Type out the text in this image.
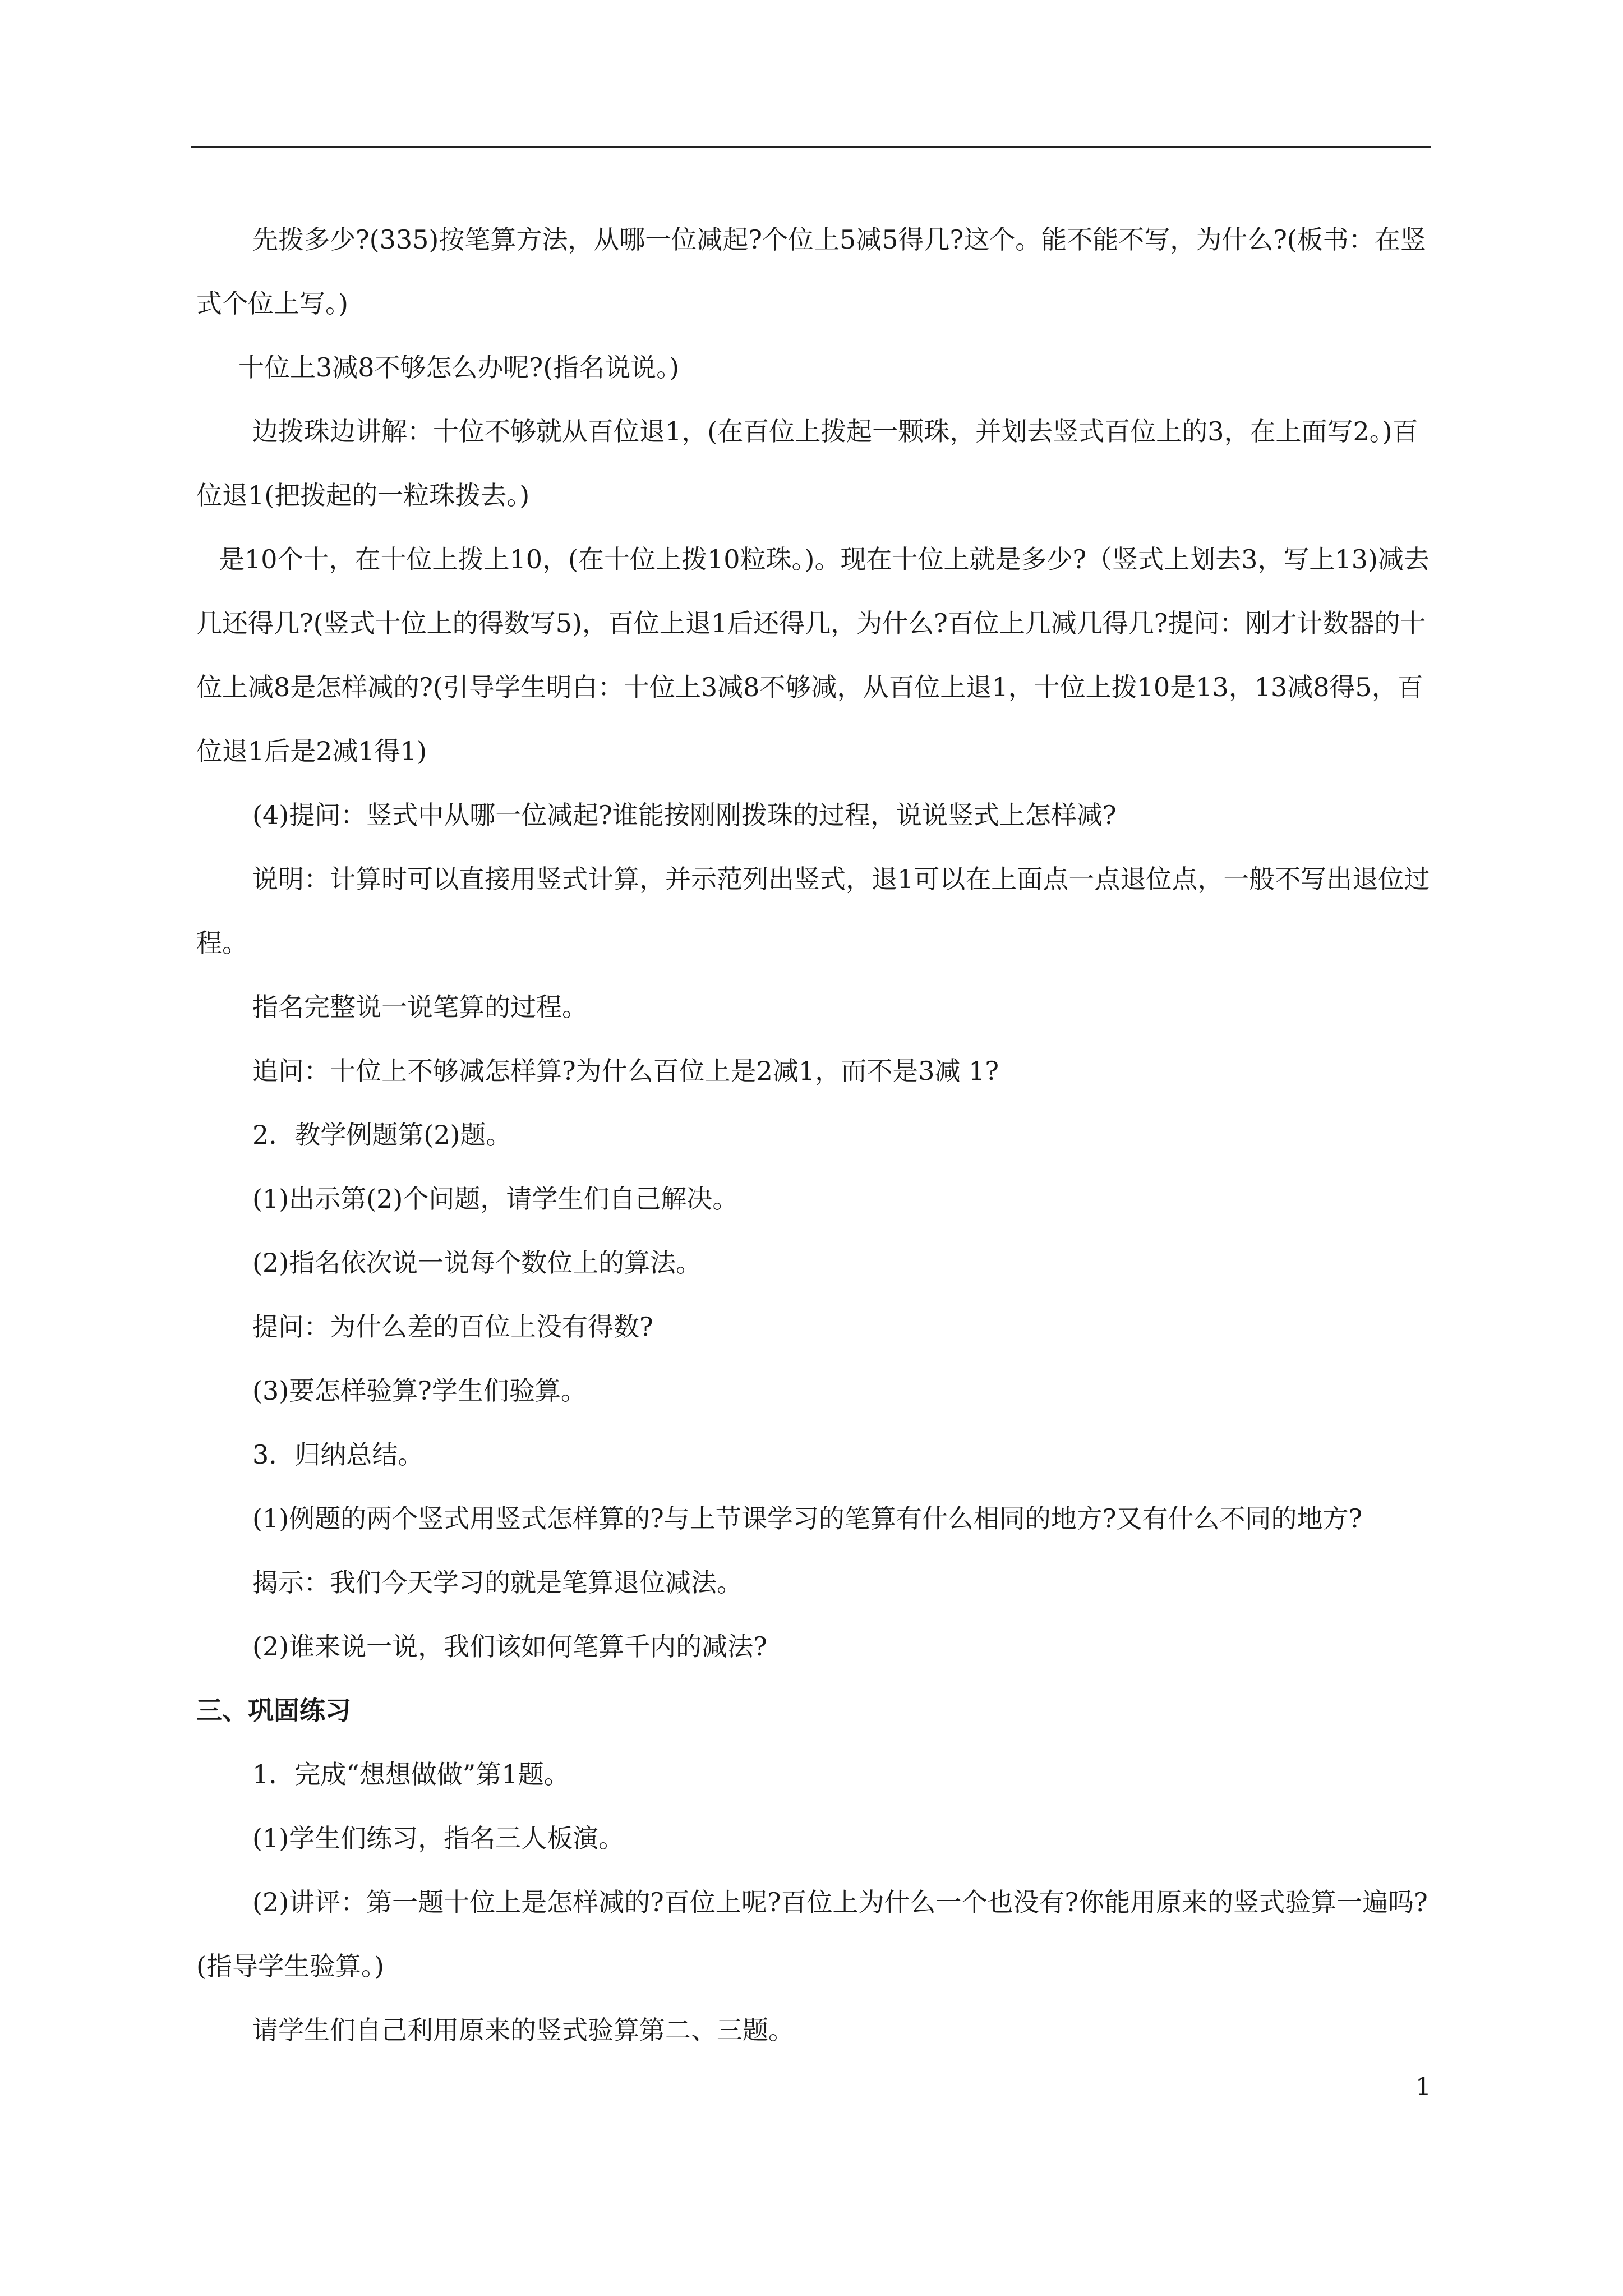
先拨多少?(335)按笔算方法，从哪一位减起?个位上5减5得几?这个。能不能不写，为什么?(板书：在竖式个位上写。)

十位上3减8不够怎么办呢?(指名说说。)

边拨珠边讲解：十位不够就从百位退1，(在百位上拨起一颗珠，并划去竖式百位上的3，在上面写2。)百位退1(把拨起的一粒珠拨去。)

是10个十，在十位上拨上10，(在十位上拨10粒珠。)。现在十位上就是多少?（竖式上划去3，写上13)减去几还得几?(竖式十位上的得数写5)，百位上退1后还得几，为什么?百位上几减几得几?提问：刚才计数器的十位上减8是怎样减的?(引导学生明白：十位上3减8不够减，从百位上退1，十位上拨10是13，13减8得5，百位退1后是2减1得1)

(4)提问：竖式中从哪一位减起?谁能按刚刚拨珠的过程，说说竖式上怎样减?

说明：计算时可以直接用竖式计算，并示范列出竖式，退1可以在上面点一点退位点，一般不写出退位过程。

指名完整说一说笔算的过程。

追问：十位上不够减怎样算?为什么百位上是2减1，而不是3减 1?

2．教学例题第(2)题。

(1)出示第(2)个问题，请学生们自己解决。

(2)指名依次说一说每个数位上的算法。

提问：为什么差的百位上没有得数?

(3)要怎样验算?学生们验算。

3．归纳总结。

(1)例题的两个竖式用竖式怎样算的?与上节课学习的笔算有什么相同的地方?又有什么不同的地方?

揭示：我们今天学习的就是笔算退位减法。

(2)谁来说一说，我们该如何笔算千内的减法?

三、巩固练习

1．完成“想想做做”第1题。

(1)学生们练习，指名三人板演。

(2)讲评：第一题十位上是怎样减的?百位上呢?百位上为什么一个也没有?你能用原来的竖式验算一遍吗?(指导学生验算。)

请学生们自己利用原来的竖式验算第二、三题。

1
